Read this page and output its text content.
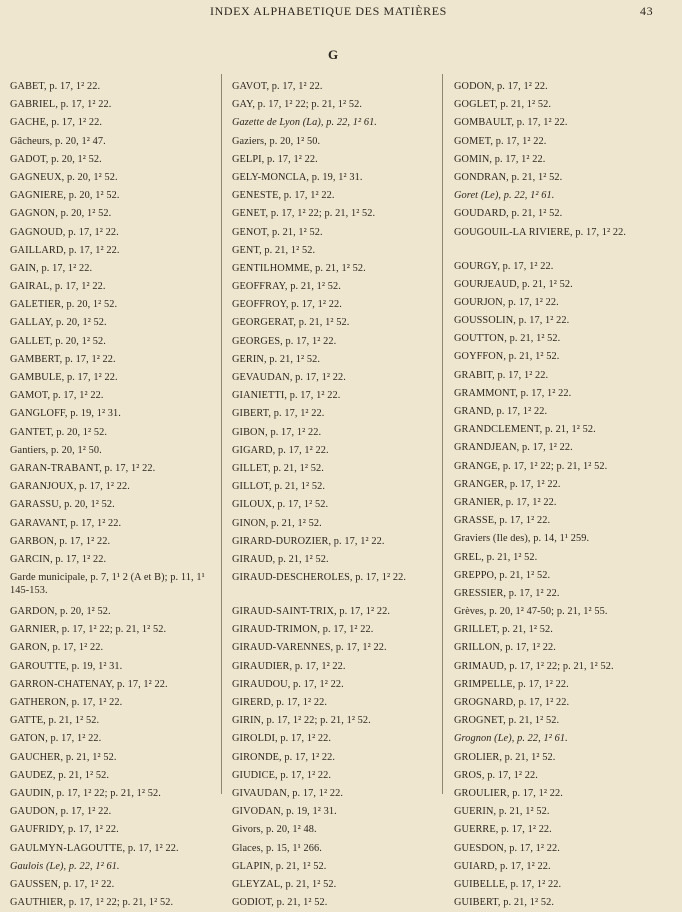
INDEX ALPHABETIQUE DES MATIÈRES	43
G
GABET, p. 17, 1² 22.
GABRIEL, p. 17, 1² 22.
GACHE, p. 17, 1² 22.
Gâcheurs, p. 20, 1² 47.
GADOT, p. 20, 1² 52.
GAGNEUX, p. 20, 1² 52.
GAGNIERE, p. 20, 1² 52.
GAGNON, p. 20, 1² 52.
GAGNOUD, p. 17, 1² 22.
GAILLARD, p. 17, 1² 22.
GAIN, p. 17, 1² 22.
GAIRAL, p. 17, 1² 22.
GALETIER, p. 20, 1² 52.
GALLAY, p. 20, 1² 52.
GALLET, p. 20, 1² 52.
GAMBERT, p. 17, 1² 22.
GAMBULE, p. 17, 1² 22.
GAMOT, p. 17, 1² 22.
GANGLOFF, p. 19, 1² 31.
GANTET, p. 20, 1² 52.
Gantiers, p. 20, 1² 50.
GARAN-TRABANT, p. 17, 1² 22.
GARANJOUX, p. 17, 1² 22.
GARASSU, p. 20, 1² 52.
GARAVANT, p. 17, 1² 22.
GARBON, p. 17, 1² 22.
GARCIN, p. 17, 1² 22.
Garde municipale, p. 7, 1¹ 2 (A et B); p. 11, 1¹ 145-153.
GARDON, p. 20, 1² 52.
GARNIER, p. 17, 1² 22; p. 21, 1² 52.
GARON, p. 17, 1² 22.
GAROUTTE, p. 19, 1² 31.
GARRON-CHATENAY, p. 17, 1² 22.
GATHERON, p. 17, 1² 22.
GATTE, p. 21, 1² 52.
GATON, p. 17, 1² 22.
GAUCHER, p. 21, 1² 52.
GAUDEZ, p. 21, 1² 52.
GAUDIN, p. 17, 1² 22; p. 21, 1² 52.
GAUDON, p. 17, 1² 22.
GAUFRIDY, p. 17, 1² 22.
GAULMYN-LAGOUTTE, p. 17, 1² 22.
Gaulois (Le), p. 22, 1² 61.
GAUSSEN, p. 17, 1² 22.
GAUTHIER, p. 17, 1² 22; p. 21, 1² 52.
GAVOT, p. 17, 1² 22.
GAY, p. 17, 1² 22; p. 21, 1² 52.
Gazette de Lyon (La), p. 22, 1² 61.
Gaziers, p. 20, 1² 50.
GELPI, p. 17, 1² 22.
GELY-MONCLA, p. 19, 1² 31.
GENESTE, p. 17, 1² 22.
GENET, p. 17, 1² 22; p. 21, 1² 52.
GENOT, p. 21, 1² 52.
GENT, p. 21, 1² 52.
GENTILHOMME, p. 21, 1² 52.
GEOFFRAY, p. 21, 1² 52.
GEOFFROY, p. 17, 1² 22.
GEORGERAT, p. 21, 1² 52.
GEORGES, p. 17, 1² 22.
GERIN, p. 21, 1² 52.
GEVAUDAN, p. 17, 1² 22.
GIANIETTI, p. 17, 1² 22.
GIBERT, p. 17, 1² 22.
GIBON, p. 17, 1² 22.
GIGARD, p. 17, 1² 22.
GILLET, p. 21, 1² 52.
GILLOT, p. 21, 1² 52.
GILOUX, p. 17, 1² 52.
GINON, p. 21, 1² 52.
GIRARD-DUROZIER, p. 17, 1² 22.
GIRAUD, p. 21, 1² 52.
GIRAUD-DESCHEROLES, p. 17, 1² 22.
GIRAUD-SAINT-TRIX, p. 17, 1² 22.
GIRAUD-TRIMON, p. 17, 1² 22.
GIRAUD-VARENNES, p. 17, 1² 22.
GIRAUDIER, p. 17, 1² 22.
GIRAUDOU, p. 17, 1² 22.
GIRERD, p. 17, 1² 22.
GIRIN, p. 17, 1² 22; p. 21, 1² 52.
GIROLDI, p. 17, 1² 22.
GIRONDE, p. 17, 1² 22.
GIUDICE, p. 17, 1² 22.
GIVAUDAN, p. 17, 1² 22.
GIVODAN, p. 19, 1² 31.
Givors, p. 20, 1² 48.
Glaces, p. 15, 1¹ 266.
GLAPIN, p. 21, 1² 52.
GLEYZAL, p. 21, 1² 52.
GODIOT, p. 21, 1² 52.
GODON, p. 17, 1² 22.
GOGLET, p. 21, 1² 52.
GOMBAULT, p. 17, 1² 22.
GOMET, p. 17, 1² 22.
GOMIN, p. 17, 1² 22.
GONDRAN, p. 21, 1² 52.
Goret (Le), p. 22, 1² 61.
GOUDARD, p. 21, 1² 52.
GOUGOUIL-LA RIVIERE, p. 17, 1² 22.
GOURGY, p. 17, 1² 22.
GOURJEAUD, p. 21, 1² 52.
GOURJON, p. 17, 1² 22.
GOUSSOLIN, p. 17, 1² 22.
GOUTTON, p. 21, 1² 52.
GOYFFON, p. 21, 1² 52.
GRABIT, p. 17, 1² 22.
GRAMMONT, p. 17, 1² 22.
GRAND, p. 17, 1² 22.
GRANDCLEMENT, p. 21, 1² 52.
GRANDJEAN, p. 17, 1² 22.
GRANGE, p. 17, 1² 22; p. 21, 1² 52.
GRANGER, p. 17, 1² 22.
GRANIER, p. 17, 1² 22.
GRASSE, p. 17, 1² 22.
Graviers (Ile des), p. 14, 1¹ 259.
GREL, p. 21, 1² 52.
GREPPO, p. 21, 1² 52.
GRESSIER, p. 17, 1² 22.
Grèves, p. 20, 1² 47-50; p. 21, 1² 55.
GRILLET, p. 21, 1² 52.
GRILLON, p. 17, 1² 22.
GRIMAUD, p. 17, 1² 22; p. 21, 1² 52.
GRIMPELLE, p. 17, 1² 22.
GROGNARD, p. 17, 1² 22.
GROGNET, p. 21, 1² 52.
Grognon (Le), p. 22, 1² 61.
GROLIER, p. 21, 1² 52.
GROS, p. 17, 1² 22.
GROULIER, p. 17, 1² 22.
GUERIN, p. 21, 1² 52.
GUERRE, p. 17, 1² 22.
GUESDON, p. 17, 1² 22.
GUIARD, p. 17, 1² 22.
GUIBELLE, p. 17, 1² 22.
GUIBERT, p. 21, 1² 52.
